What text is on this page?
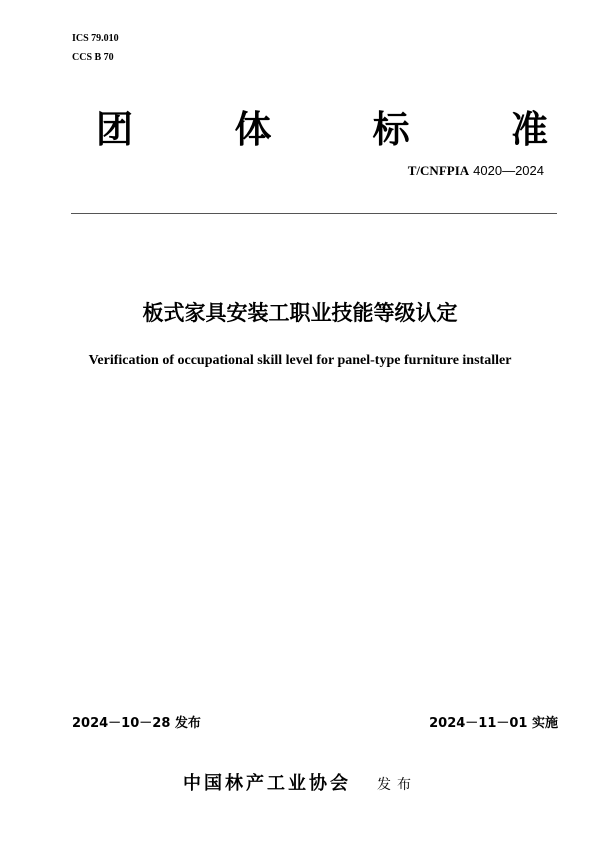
ICS 79.010
CCS B 70
团	体	标	准
T/CNFPIA 4020—2024
板式家具安装工职业技能等级认定
Verification of occupational skill level for panel-type furniture installer
2024－10－28 发布	2024－11－01 实施
中国林产工业协会 发布
